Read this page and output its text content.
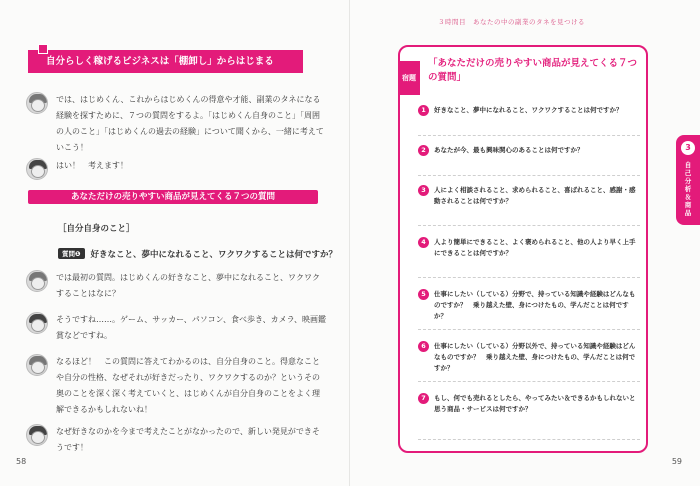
自分らしく稼げるビジネスは「棚卸し」からはじまる
では、はじめくん、これからはじめくんの得意や才能、副業のタネになる経験を探すために、７つの質問をするよ。「はじめくん自身のこと」「周囲の人のこと」「はじめくんの過去の経験」について聞くから、一緒に考えていこう！
はい！　考えます！
あなただけの売りやすい商品が見えてくる７つの質問
［自分自身のこと］
質問❶ 好きなこと、夢中になれること、ワクワクすることは何ですか？
では最初の質問。はじめくんの好きなこと、夢中になれること、ワクワクすることはなに？
そうですね……。ゲーム、サッカー、パソコン、食べ歩き、カメラ、映画鑑賞などですね。
なるほど！　この質問に答えてわかるのは、自分自身のこと。得意なことや自分の性格、なぜそれが好きだったり、ワクワクするのか？というその奥のことを深く深く考えていくと、はじめくんが自分自身のことをよく理解できるかもしれないね！
なぜ好きなのかを今まで考えたことがなかったので、新しい発見ができそうです！
58
３時間目　あなたの中の副業のタネを見つける
宿題
「あなただけの売りやすい商品が見えてくる７つの質問」
1	好きなこと、夢中になれること、ワクワクすることは何ですか？
2	あなたが今、最も興味関心のあることは何ですか？
3	人によく相談されること、求められること、喜ばれること、感謝・感動されることは何ですか？
4	人より簡単にできること、よく褒められること、他の人より早く上手にできることは何ですか？
5	仕事にしたい（している）分野で、持っている知識や経験はどんなものですか？　乗り越えた壁、身につけたもの、学んだことは何ですか？
6	仕事にしたい（している）分野以外で、持っている知識や経験はどんなものですか？　乗り越えた壁、身につけたもの、学んだことは何ですか？
7	もし、何でも売れるとしたら、やってみたい＆できるかもしれないと思う商品・サービスは何ですか？
3
自己分析＆商品
59
